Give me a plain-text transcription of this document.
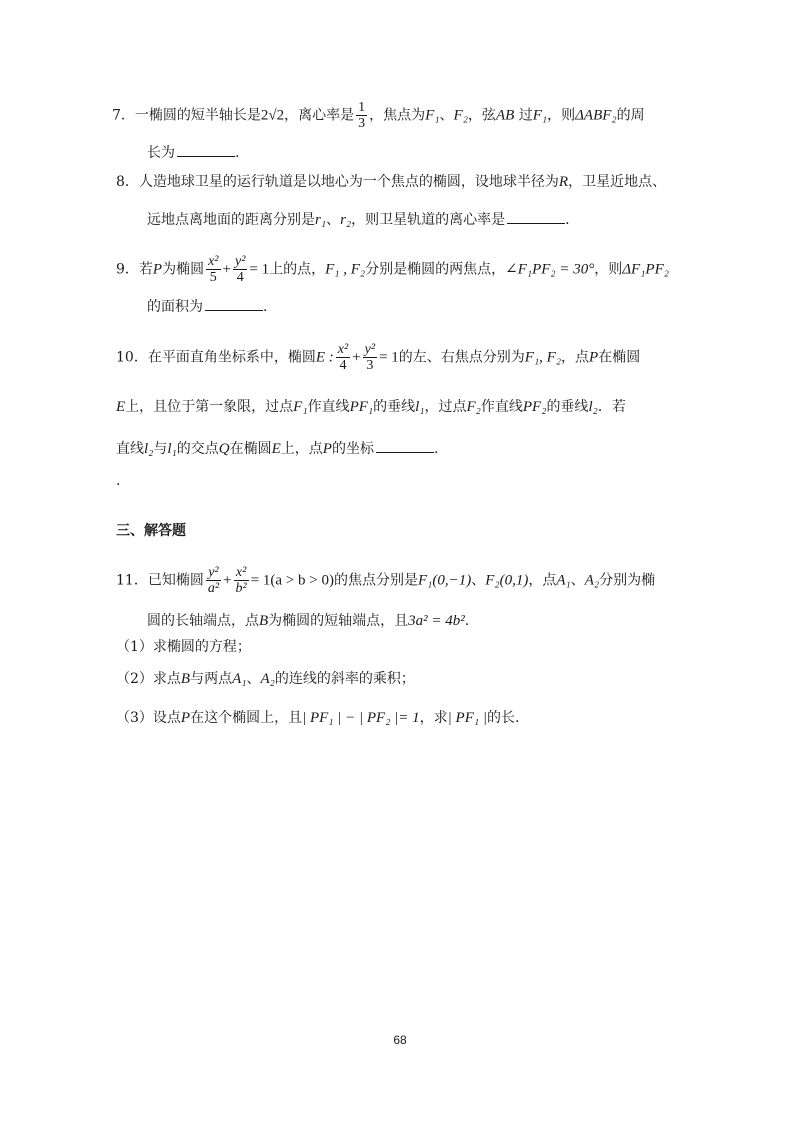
7．一椭圆的短半轴长是2√2，离心率是 $\frac{1}{3}$ ，焦点为F₁、F₂，弦AB 过F₁，则ΔABF₂的周
长为	.
8．人造地球卫星的运行轨道是以地心为一个焦点的椭圆，设地球半径为R，卫星近地点、
远地点离地面的距离分别是r₁、r₂，则卫星轨道的离心率是	.
9．若P为椭圆 $\frac{\text{x²}}{5} + \frac{\text{y²}}{4} = 1$上的点，F₁ , F₂分别是椭圆的两焦点，∠F₁PF₂ = 30°，则ΔF₁PF₂
的面积为	.
10．在平面直角坐标系中，椭圆E : $\frac{\text{x²}}{4} + \frac{\text{y²}}{3} = 1$的左、右焦点分别为F₁, F₂，点P在椭圆
E上，且位于第一象限，过点F₁作直线PF₁的垂线l₁，过点F₂作直线PF₂的垂线l₂．若
直线l₂与l₁的交点Q在椭圆E上，点P的坐标	.
.
三、解答题
11．已知椭圆 $\frac{\text{y²}}{\text{a²}} + \frac{\text{x²}}{\text{b²}} = 1(a > b > 0)$的焦点分别是F₁(0,−1)、F₂(0,1)，点A₁、A₂分别为椭
圆的长轴端点，点B为椭圆的短轴端点，且3a² = 4b².
（1）求椭圆的方程；
（2）求点B与两点A₁、A₂的连线的斜率的乘积；
（3）设点P在这个椭圆上，且| PF₁ | − | PF₂ |= 1，求| PF₁ |的长.
68
